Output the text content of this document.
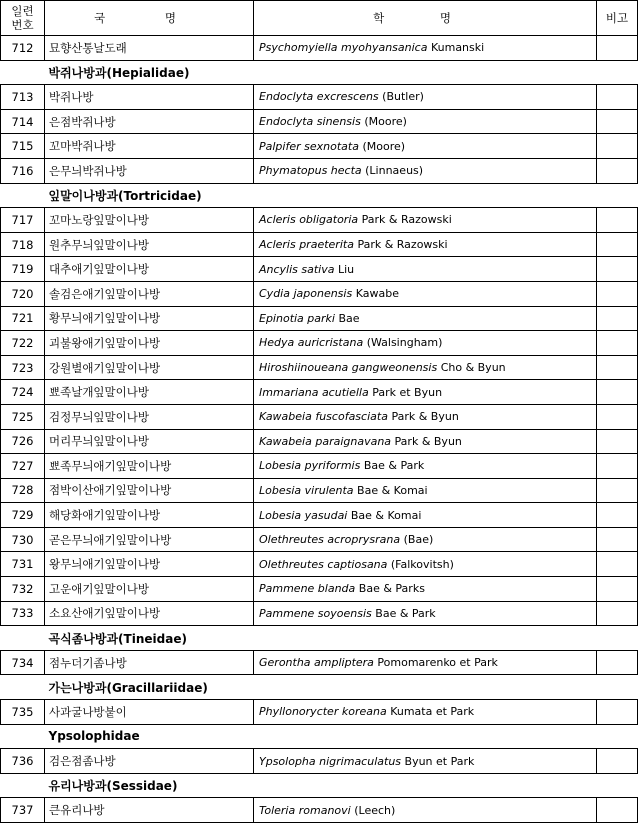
일련
번호	국 명	학 명	비고
712	묘향산통날도래	Psychomyiella myohyansanica Kumanski	
박쥐나방과(Hepialidae)			
713	박쥐나방	Endoclyta excrescens (Butler)	
714	은점박쥐나방	Endoclyta sinensis (Moore)	
715	꼬마박쥐나방	Palpifer sexnotata (Moore)	
716	은무늬박쥐나방	Phymatopus hecta (Linnaeus)	
잎말이나방과(Tortricidae)			
717	꼬마노랑잎말이나방	Acleris obligatoria Park & Razowski	
718	원추무늬잎말이나방	Acleris praeterita Park & Razowski	
719	대추애기잎말이나방	Ancylis sativa Liu	
720	솔검은애기잎말이나방	Cydia japonensis Kawabe	
721	황무늬애기잎말이나방	Epinotia parki Bae	
722	괴불왕애기잎말이나방	Hedya auricristana (Walsingham)	
723	강원별애기잎말이나방	Hiroshiinoueana gangweonensis Cho & Byun	
724	뾰족날개잎말이나방	Immariana acutiella Park et Byun	
725	검정무늬잎말이나방	Kawabeia fuscofasciata Park & Byun	
726	머리무늬잎말이나방	Kawabeia paraignavana Park & Byun	
727	뾰족무늬애기잎말이나방	Lobesia pyriformis Bae & Park	
728	점박이산애기잎말이나방	Lobesia virulenta Bae & Komai	
729	해당화애기잎말이나방	Lobesia yasudai Bae & Komai	
730	곧은무늬애기잎말이나방	Olethreutes acroprysrana (Bae)	
731	왕무늬애기잎말이나방	Olethreutes captiosana (Falkovitsh)	
732	고운애기잎말이나방	Pammene blanda Bae & Parks	
733	소요산애기잎말이나방	Pammene soyoensis Bae & Park	
곡식좀나방과(Tineidae)			
734	점누더기좀나방	Gerontha ampliptera Pomomarenko et Park	
가는나방과(Gracillariidae)			
735	사과굴나방붙이	Phyllonorycter koreana Kumata et Park	
Ypsolophidae			
736	검은점좀나방	Ypsolopha nigrimaculatus Byun et Park	
유리나방과(Sessidae)			
737	큰유리나방	Toleria romanovi (Leech)	
